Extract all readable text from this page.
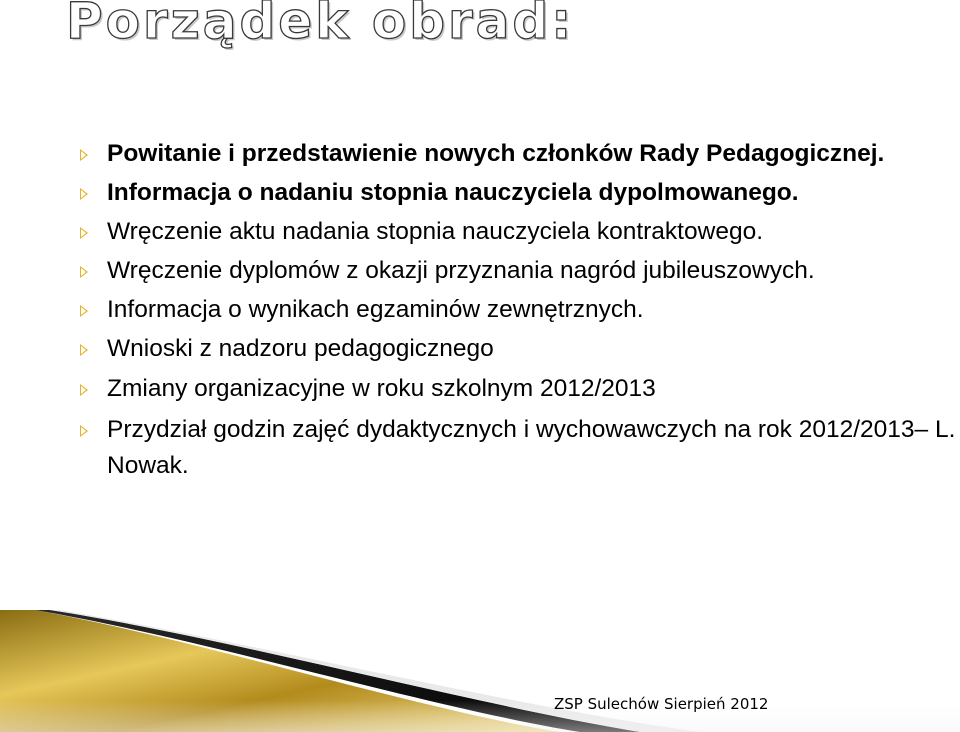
Porządek obrad:
Powitanie i przedstawienie nowych członków Rady Pedagogicznej.
Informacja o nadaniu stopnia nauczyciela dypolmowanego.
Wręczenie aktu nadania stopnia nauczyciela kontraktowego.
Wręczenie dyplomów z okazji przyznania nagród jubileuszowych.
Informacja o wynikach egzaminów zewnętrznych.
Wnioski z nadzoru pedagogicznego
Zmiany organizacyjne w roku szkolnym 2012/2013
Przydział godzin zajęć dydaktycznych i wychowawczych na rok 2012/2013– L. Nowak.
ZSP Sulechów Sierpień 2012
